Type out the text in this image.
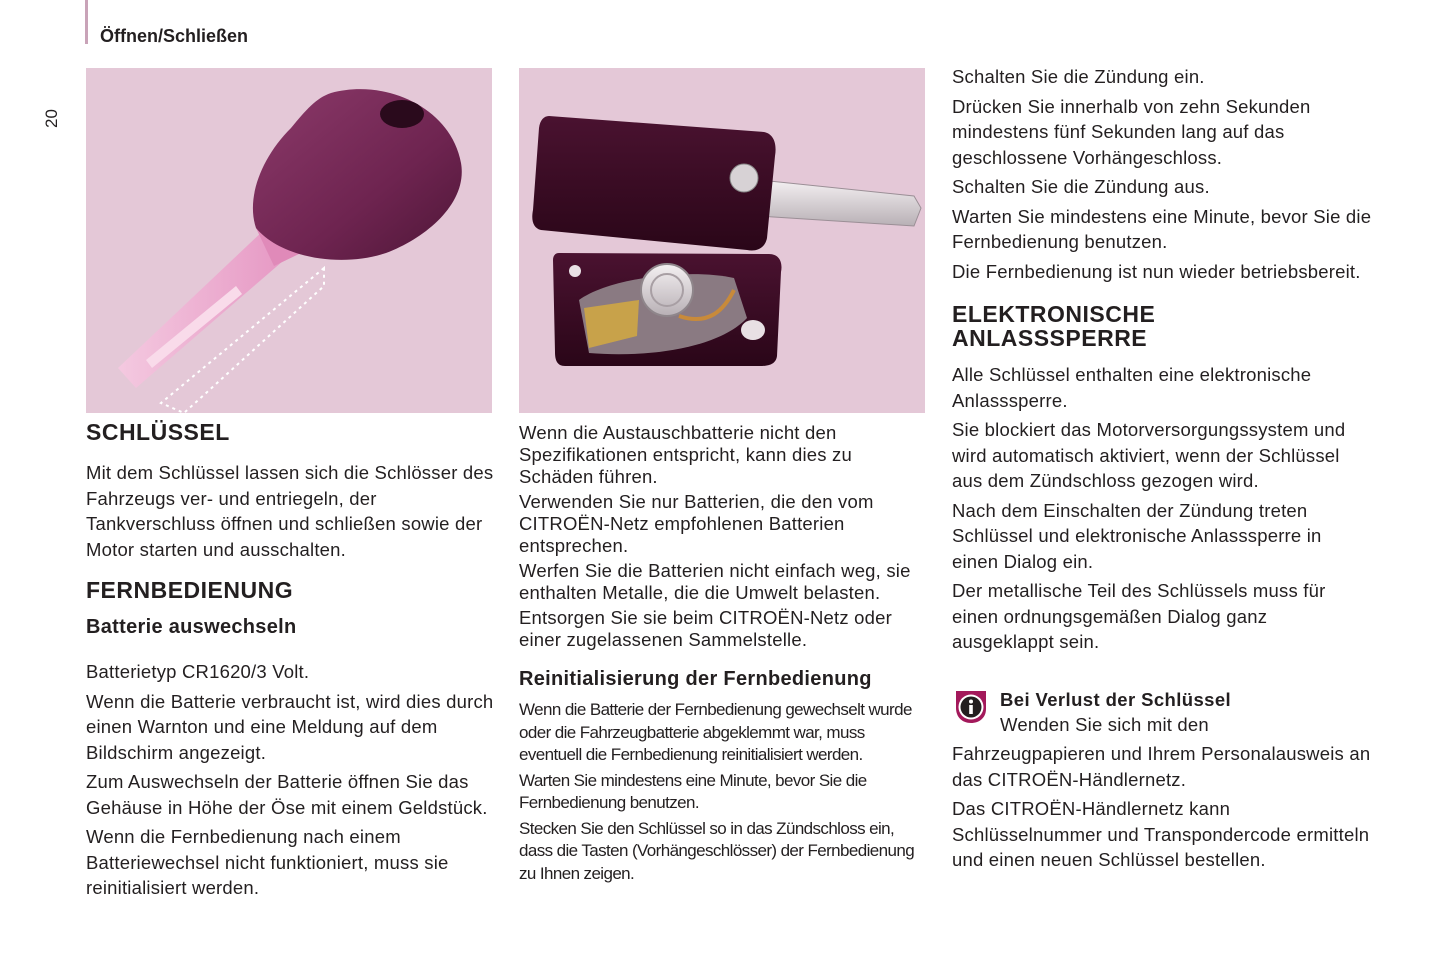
Öffnen/Schließen
20
SCHLÜSSEL

Mit dem Schlüssel lassen sich die Schlösser des Fahrzeugs ver- und entriegeln, der Tankverschluss öffnen und schließen sowie der Motor starten und ausschalten.

FERNBEDIENUNG
Batterie auswechseln

Batterietyp CR1620/3 Volt.

Wenn die Batterie verbraucht ist, wird dies durch einen Warnton und eine Meldung auf dem Bildschirm angezeigt.

Zum Auswechseln der Batterie öffnen Sie das Gehäuse in Höhe der Öse mit einem Geldstück.

Wenn die Fernbedienung nach einem Batteriewechsel nicht funktioniert, muss sie reinitialisiert werden.

Wenn die Austauschbatterie nicht den Spezifikationen entspricht, kann dies zu Schäden führen.

Verwenden Sie nur Batterien, die den vom CITROËN-Netz empfohlenen Batterien entsprechen.

Werfen Sie die Batterien nicht einfach weg, sie enthalten Metalle, die die Umwelt belasten.

Entsorgen Sie sie beim CITROËN-Netz oder einer zugelassenen Sammelstelle.

Reinitialisierung der Fernbedienung

Wenn die Batterie der Fernbedienung gewechselt wurde oder die Fahrzeugbatterie abgeklemmt war, muss eventuell die Fernbedienung reinitialisiert werden.

Warten Sie mindestens eine Minute, bevor Sie die Fernbedienung benutzen.

Stecken Sie den Schlüssel so in das Zündschloss ein, dass die Tasten (Vorhängeschlösser) der Fernbedienung zu Ihnen zeigen.

Schalten Sie die Zündung ein.

Drücken Sie innerhalb von zehn Sekunden mindestens fünf Sekunden lang auf das geschlossene Vorhängeschloss.

Schalten Sie die Zündung aus.

Warten Sie mindestens eine Minute, bevor Sie die Fernbedienung benutzen.

Die Fernbedienung ist nun wieder betriebsbereit.

ELEKTRONISCHE
ANLASSSPERRE

Alle Schlüssel enthalten eine elektronische Anlasssperre.

Sie blockiert das Motorversorgungssystem und wird automatisch aktiviert, wenn der Schlüssel aus dem Zündschloss gezogen wird.

Nach dem Einschalten der Zündung treten Schlüssel und elektronische Anlasssperre in einen Dialog ein.

Der metallische Teil des Schlüssels muss für einen ordnungsgemäßen Dialog ganz ausgeklappt sein.

Bei Verlust der Schlüssel

Wenden Sie sich mit den

Fahrzeugpapieren und Ihrem Personalausweis an das CITROËN-Händlernetz.

Das CITROËN-Händlernetz kann Schlüsselnummer und Transpondercode ermitteln und einen neuen Schlüssel bestellen.
